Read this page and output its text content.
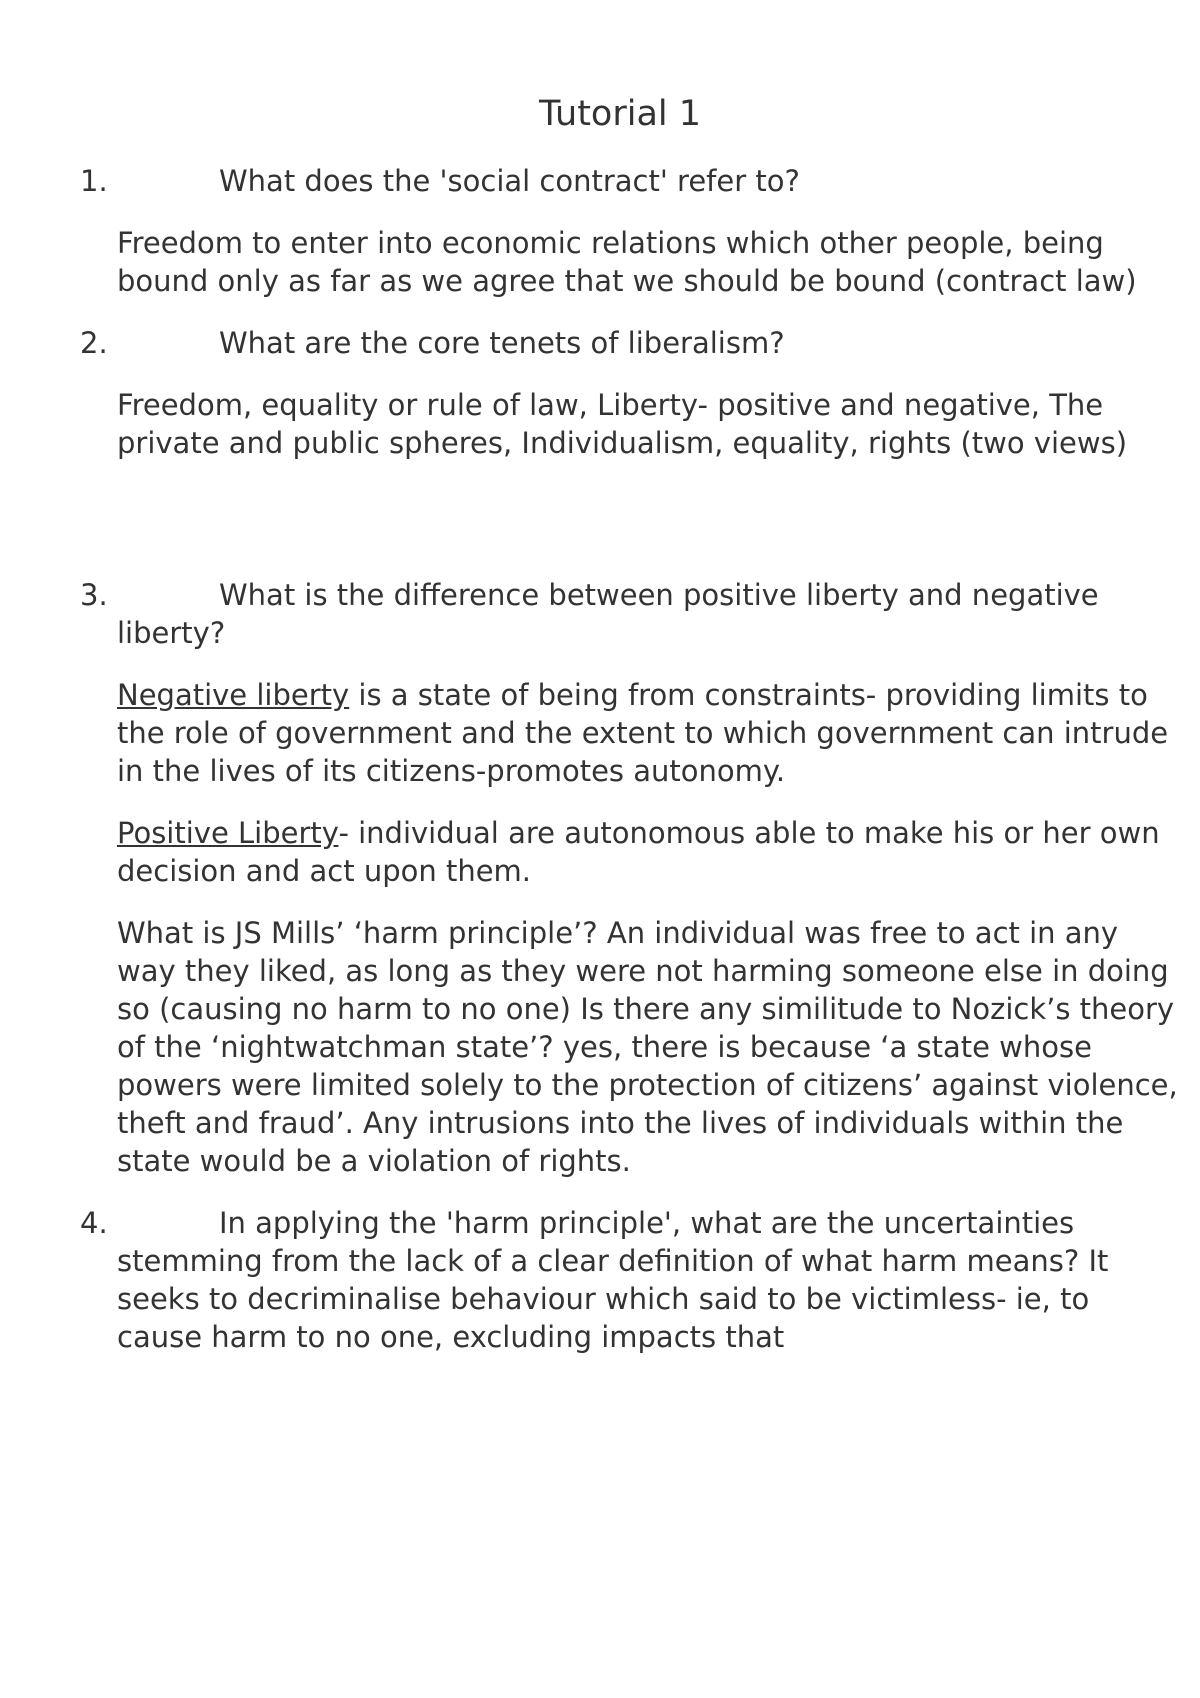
Tutorial 1
1.	What does the 'social contract' refer to?
Freedom to enter into economic relations which other people, being bound only as far as we agree that we should be bound (contract law)
2.	What are the core tenets of liberalism?
Freedom, equality or rule of law, Liberty- positive and negative, The private and public spheres, Individualism, equality, rights (two views)
3.	What is the difference between positive liberty and negative liberty?
Negative liberty is a state of being from constraints- providing limits to the role of government and the extent to which government can intrude in the lives of its citizens-promotes autonomy.
Positive Liberty- individual are autonomous able to make his or her own decision and act upon them.
What is JS Mills’ ‘harm principle’? An individual was free to act in any way they liked, as long as they were not harming someone else in doing so (causing no harm to no one) Is there any similitude to Nozick’s theory of the ‘nightwatchman state’? yes, there is because ‘a state whose powers were limited solely to the protection of citizens’ against violence, theft and fraud’. Any intrusions into the lives of individuals within the state would be a violation of rights.
4.	In applying the 'harm principle', what are the uncertainties stemming from the lack of a clear definition of what harm means? It seeks to decriminalise behaviour which said to be victimless- ie, to cause harm to no one, excluding impacts that
